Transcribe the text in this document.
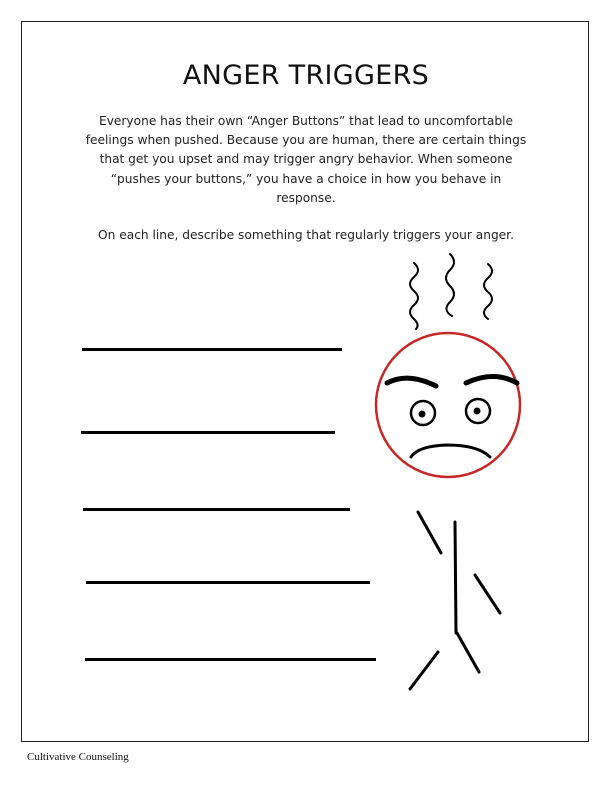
ANGER TRIGGERS

Everyone has their own “Anger Buttons” that lead to uncomfortable feelings when pushed. Because you are human, there are certain things that get you upset and may trigger angry behavior. When someone “pushes your buttons,” you have a choice in how you behave in response.

On each line, describe something that regularly triggers your anger.

Cultivative Counseling
